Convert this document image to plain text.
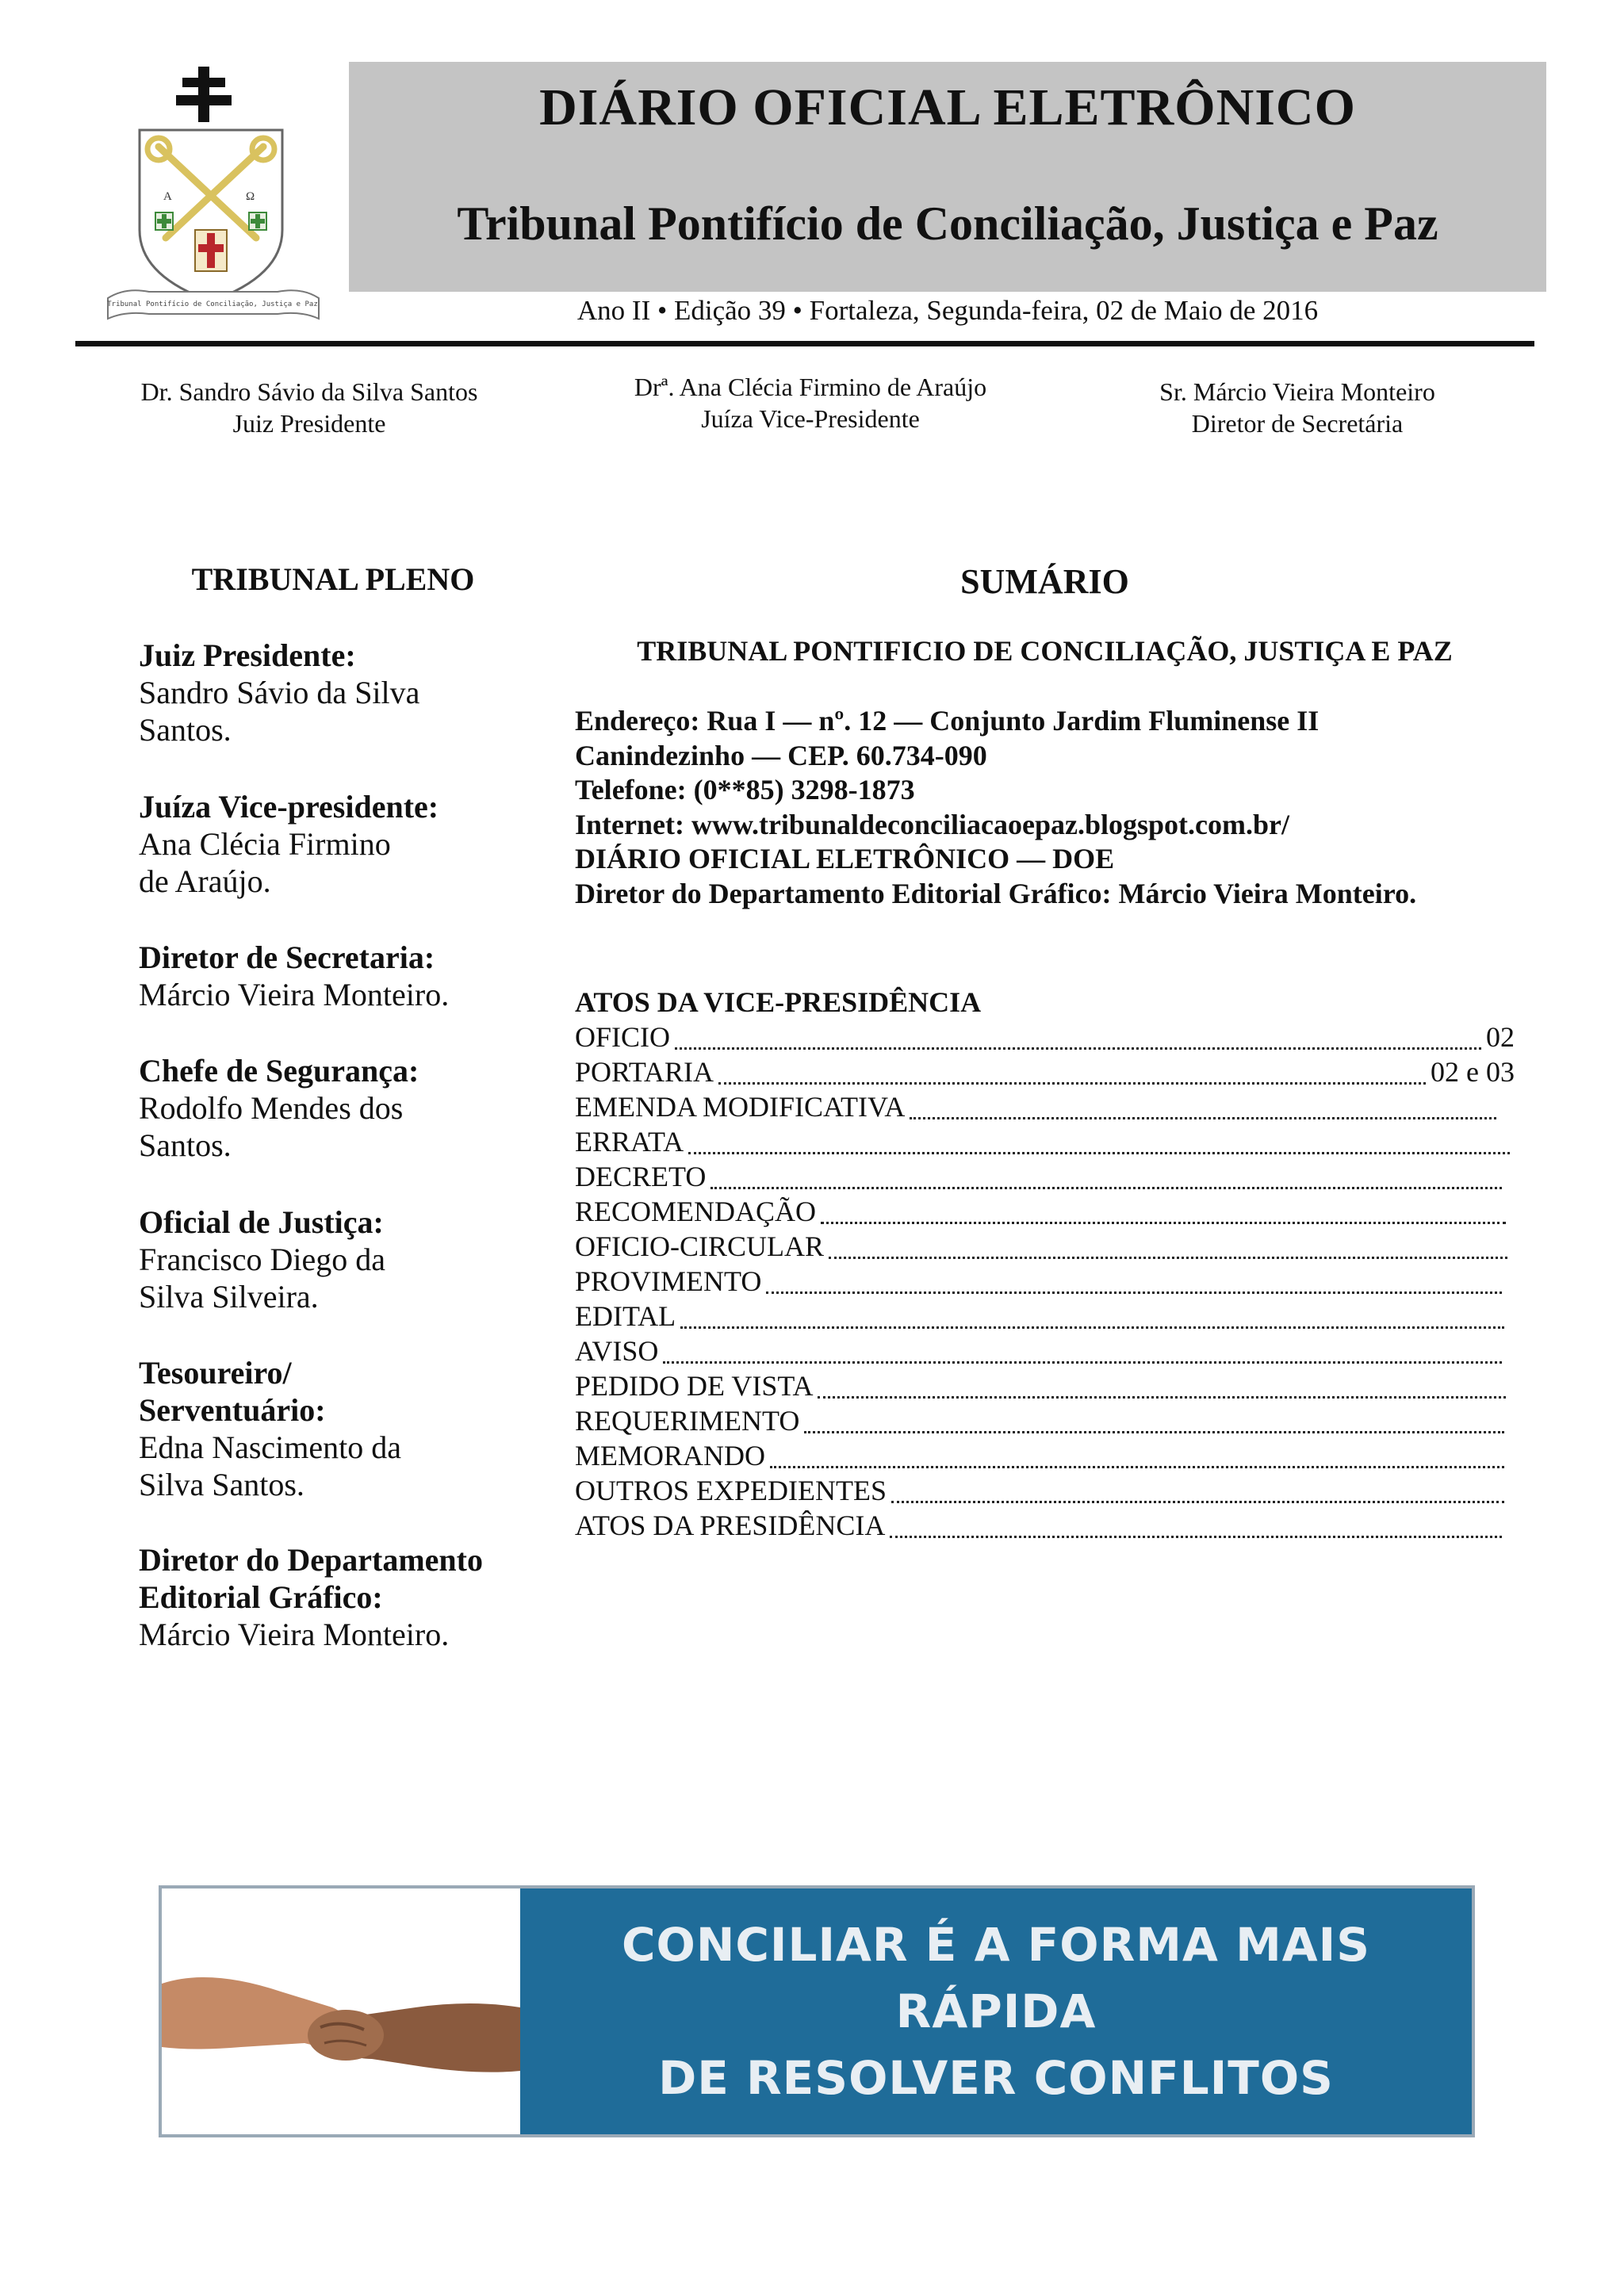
A	Ω
Tribunal Pontifício de Conciliação, Justiça e Paz
DIÁRIO OFICIAL ELETRÔNICO
Tribunal Pontifício de Conciliação, Justiça e Paz
Ano II • Edição 39 • Fortaleza, Segunda-feira, 02 de Maio de 2016
Dr. Sandro Sávio da Silva Santos
Juiz Presidente
Drª. Ana Clécia Firmino de Araújo
Juíza Vice-Presidente
Sr. Márcio Vieira Monteiro
Diretor de Secretária
TRIBUNAL PLENO

Juiz Presidente:

Sandro Sávio da Silva

Santos.

Juíza Vice-presidente:

Ana Clécia Firmino

de Araújo.

Diretor de Secretaria:

Márcio Vieira Monteiro.

Chefe de Segurança:

Rodolfo Mendes dos

Santos.

Oficial de Justiça:

Francisco Diego da

Silva Silveira.

Tesoureiro/

Serventuário:

Edna Nascimento da

Silva Santos.

Diretor do Departamento

Editorial Gráfico:

Márcio Vieira Monteiro.

SUMÁRIO
TRIBUNAL PONTIFICIO DE CONCILIAÇÃO, JUSTIÇA E PAZ
Endereço: Rua I — nº. 12 — Conjunto Jardim Fluminense II
Canindezinho — CEP. 60.734-090
Telefone: (0**85) 3298-1873
Internet: www.tribunaldeconciliacaoepaz.blogspot.com.br/
DIÁRIO OFICIAL ELETRÔNICO — DOE
Diretor do Departamento Editorial Gráfico: Márcio Vieira Monteiro.
ATOS DA VICE-PRESIDÊNCIA
OFICIO	02
PORTARIA	02 e 03
EMENDA MODIFICATIVA
ERRATA
DECRETO
RECOMENDAÇÃO
OFICIO-CIRCULAR
PROVIMENTO
EDITAL
AVISO
PEDIDO DE VISTA
REQUERIMENTO
MEMORANDO
OUTROS EXPEDIENTES
ATOS DA PRESIDÊNCIA
CONCILIAR É A FORMA MAIS RÁPIDA
DE RESOLVER CONFLITOS
